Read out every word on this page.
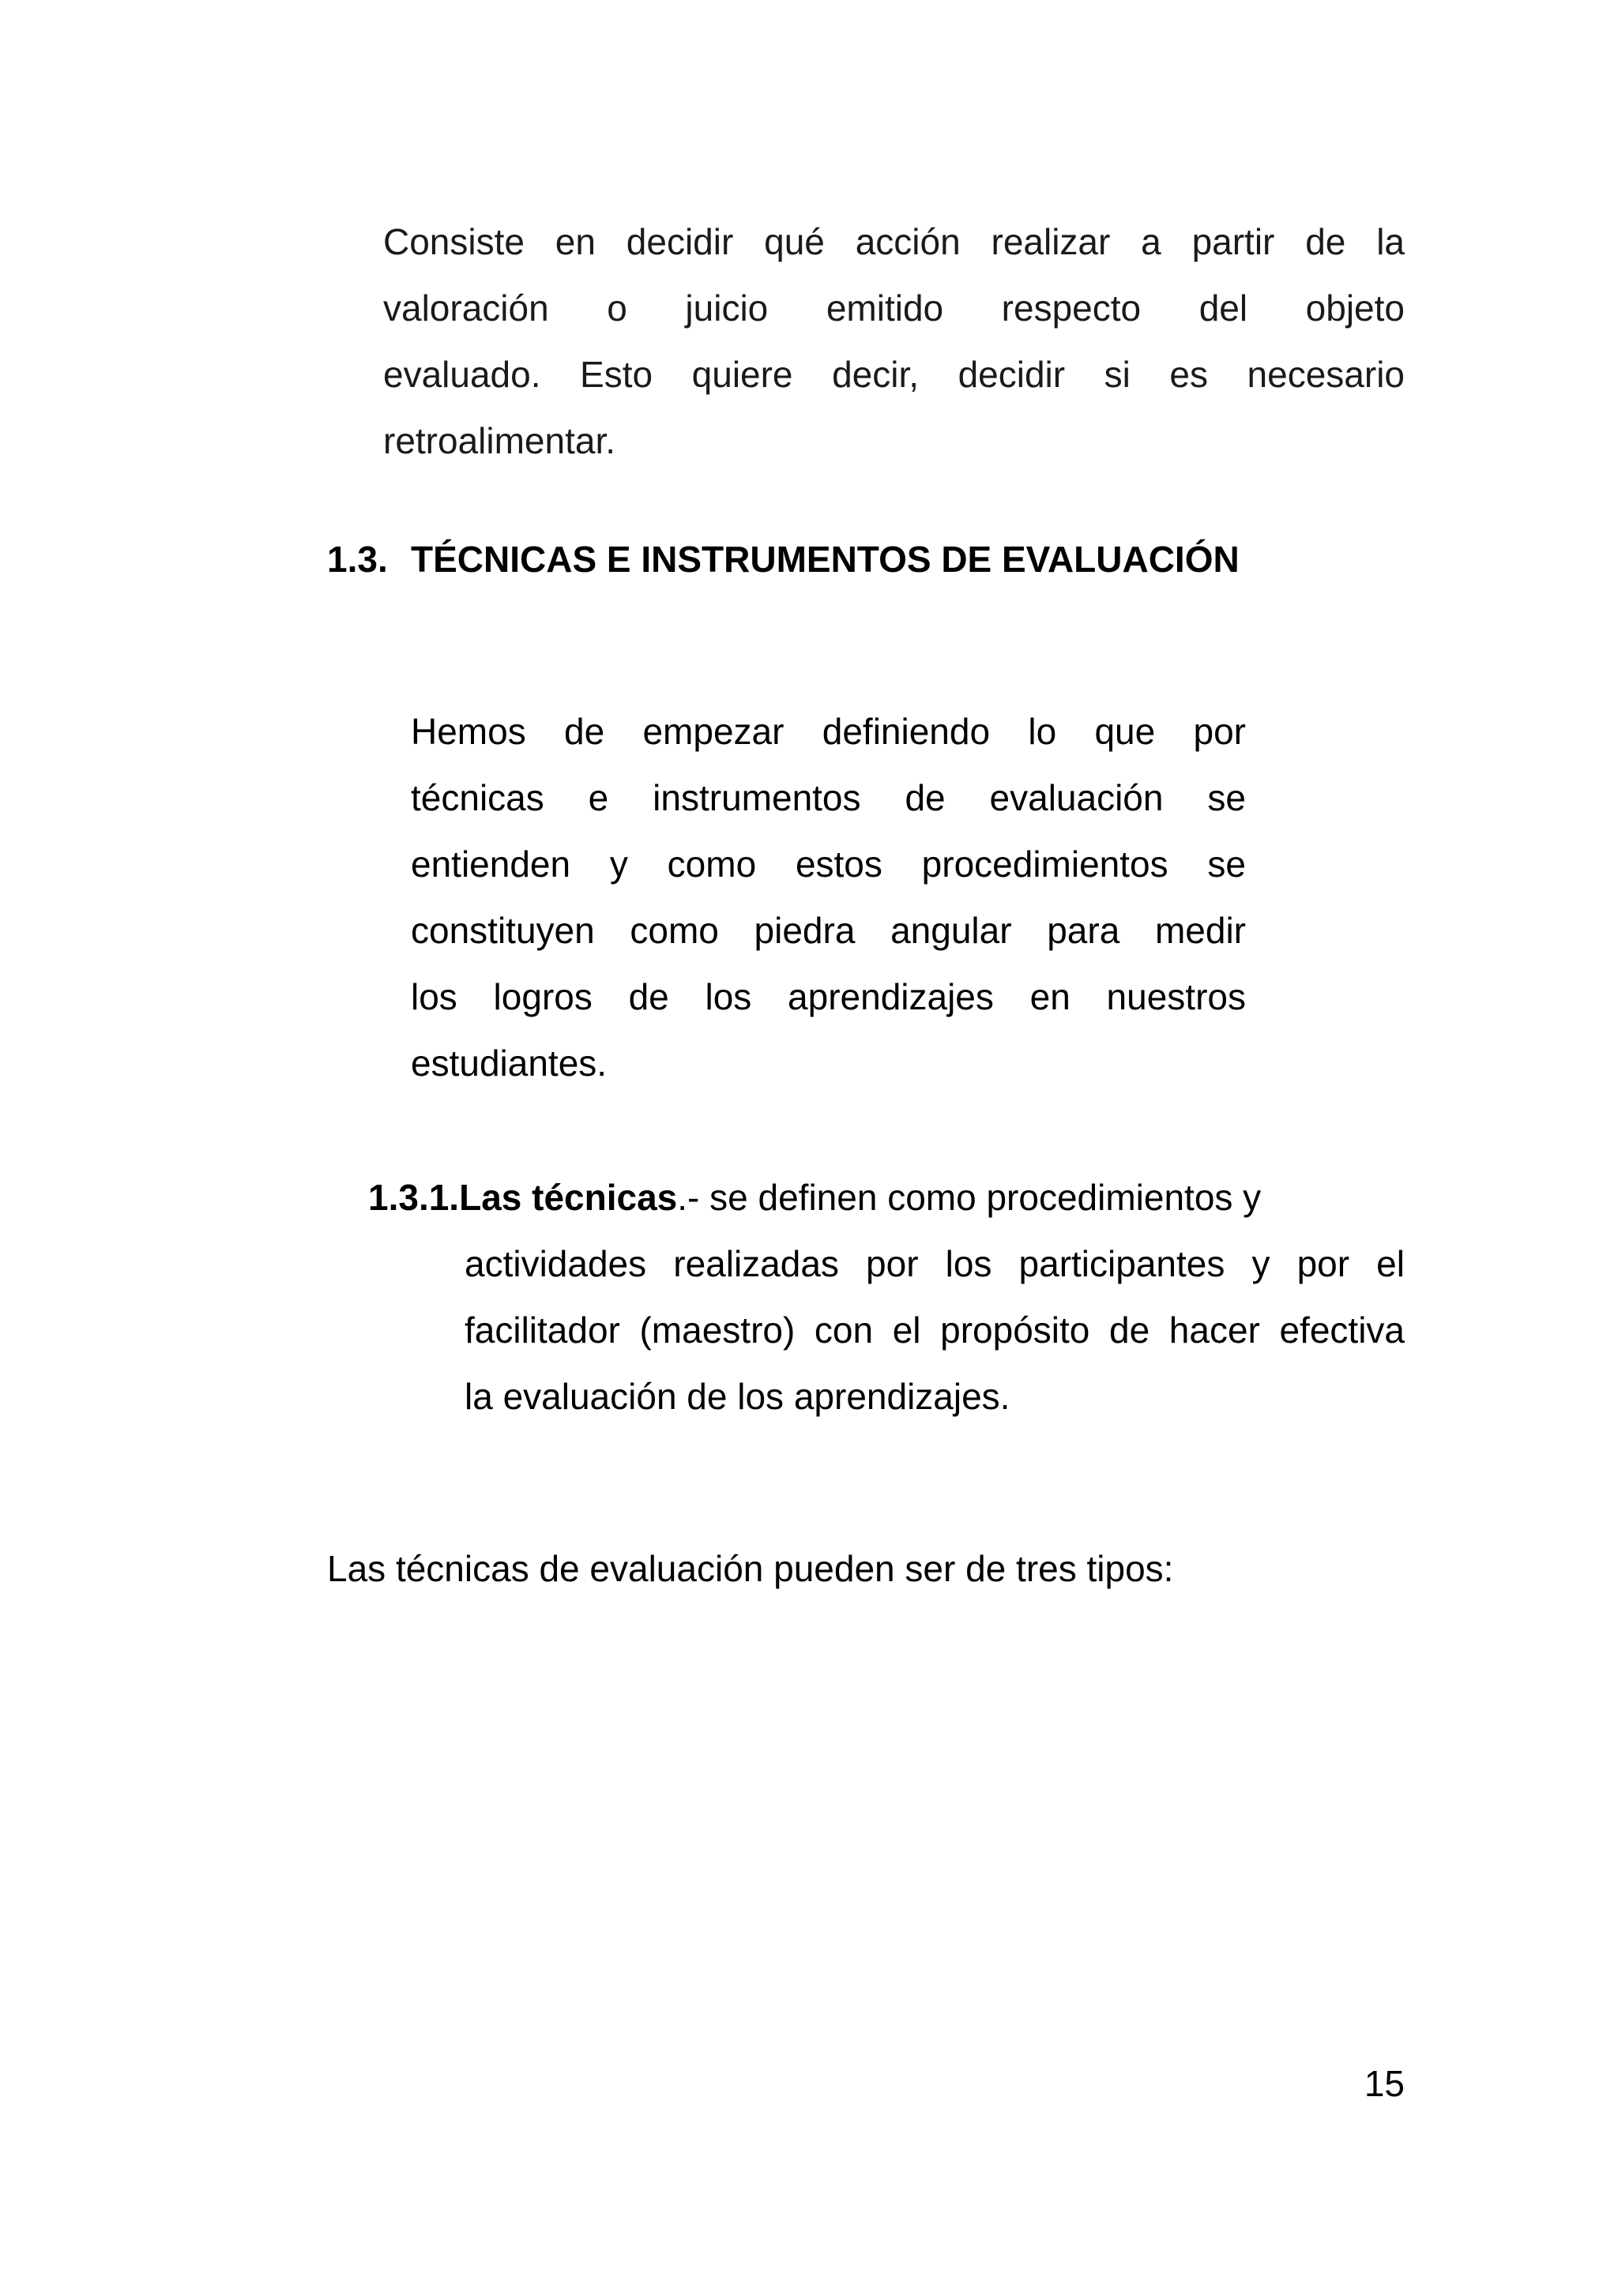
Consiste en decidir qué acción realizar a partir de la
valoración o juicio emitido respecto del objeto
evaluado. Esto quiere decir, decidir si es necesario
retroalimentar.
1.3. TÉCNICAS E INSTRUMENTOS DE EVALUACIÓN
Hemos de empezar definiendo lo que por
técnicas e instrumentos de evaluación se
entienden y como estos procedimientos se
constituyen como piedra angular para medir
los logros de los aprendizajes en nuestros
estudiantes.
1.3.1.Las técnicas.- se definen como procedimientos y
actividades realizadas por los participantes y por el
facilitador (maestro) con el propósito de hacer efectiva
la evaluación de los aprendizajes.

Las técnicas de evaluación pueden ser de tres tipos:

15
